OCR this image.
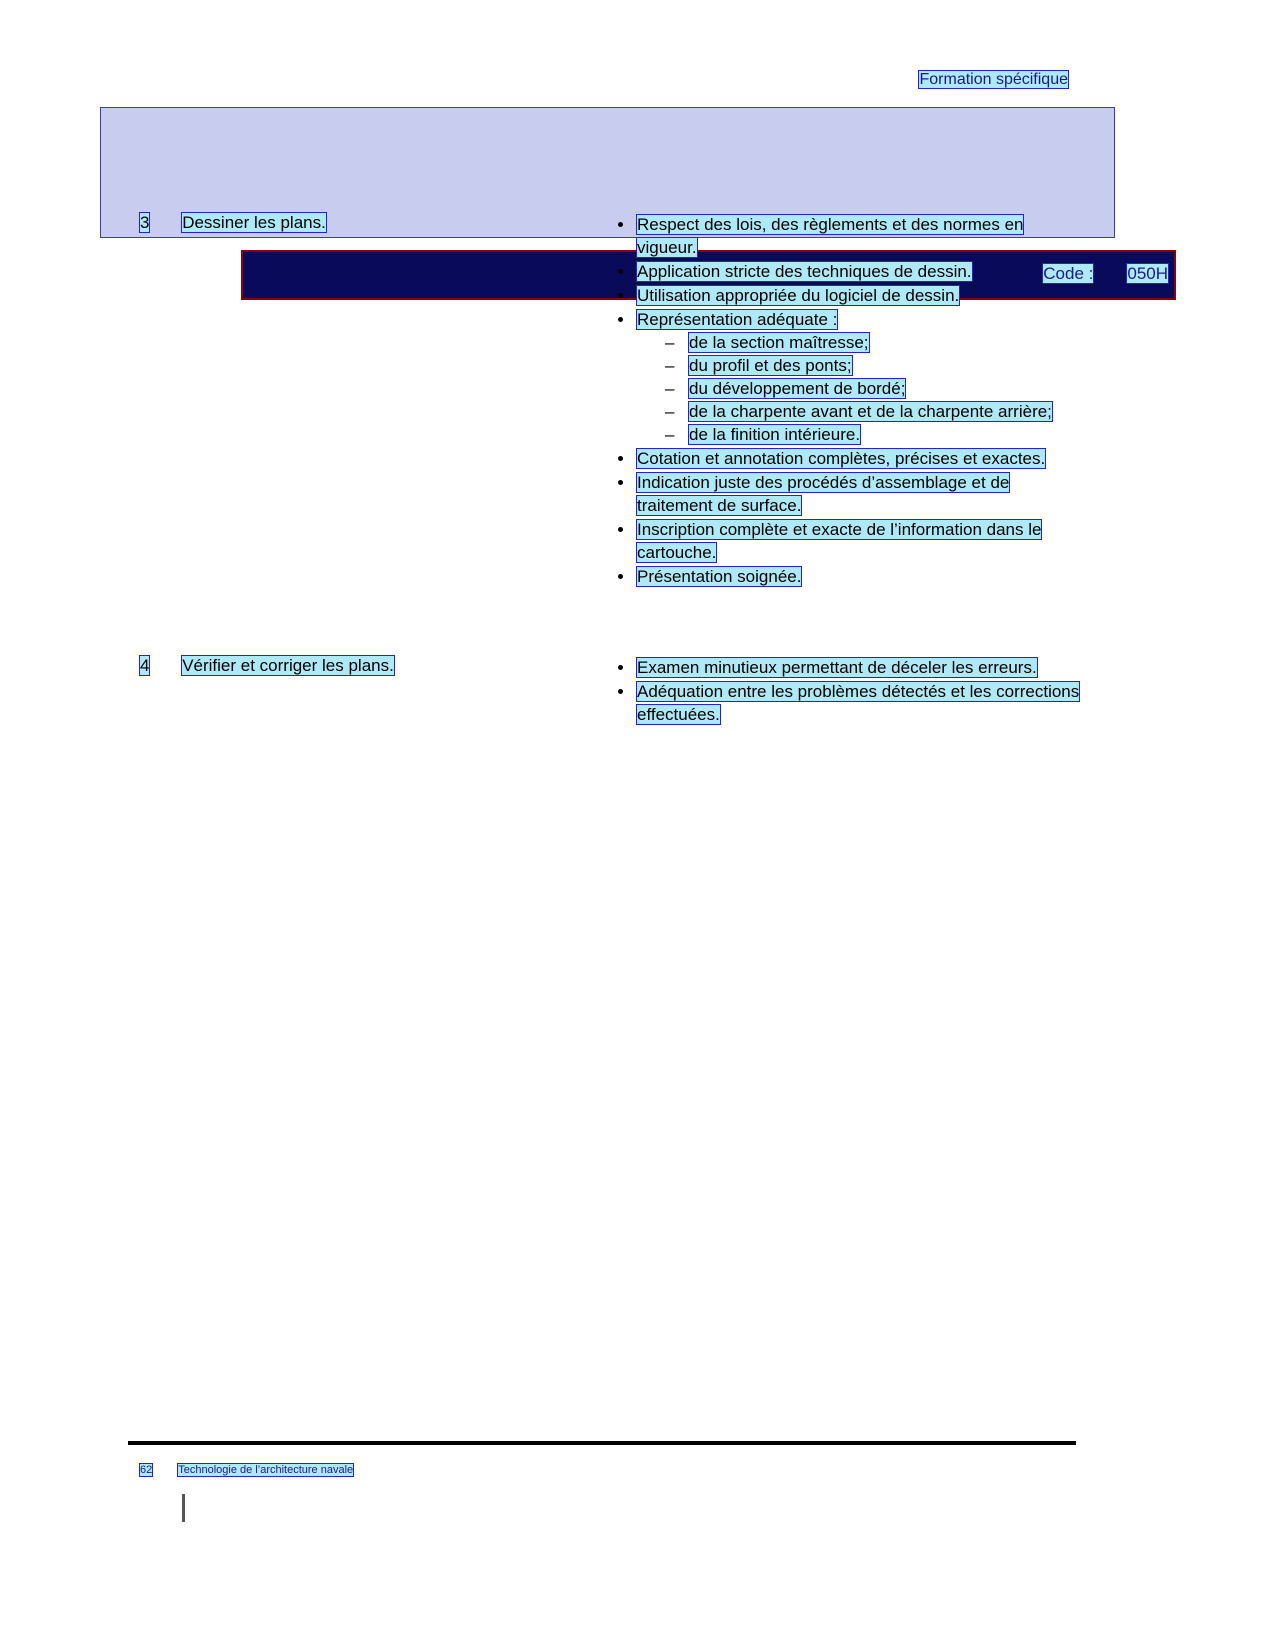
Formation spécifique
Code : 050H
3 Dessiner les plans.	Respect des lois, des règlements et des normes en vigueur.
Application stricte des techniques de dessin.
Utilisation appropriée du logiciel de dessin.
Représentation adéquate :
– de la section maîtresse;
– du profil et des ponts;
– du développement de bordé;
– de la charpente avant et de la charpente arrière;
– de la finition intérieure.
Cotation et annotation complètes, précises et exactes.
Indication juste des procédés d’assemblage et de traitement de surface.
Inscription complète et exacte de l’information dans le cartouche.
Présentation soignée.
4 Vérifier et corriger les plans.	Examen minutieux permettant de déceler les erreurs.
Adéquation entre les problèmes détectés et les corrections effectuées.
62 Technologie de l’architecture navale
